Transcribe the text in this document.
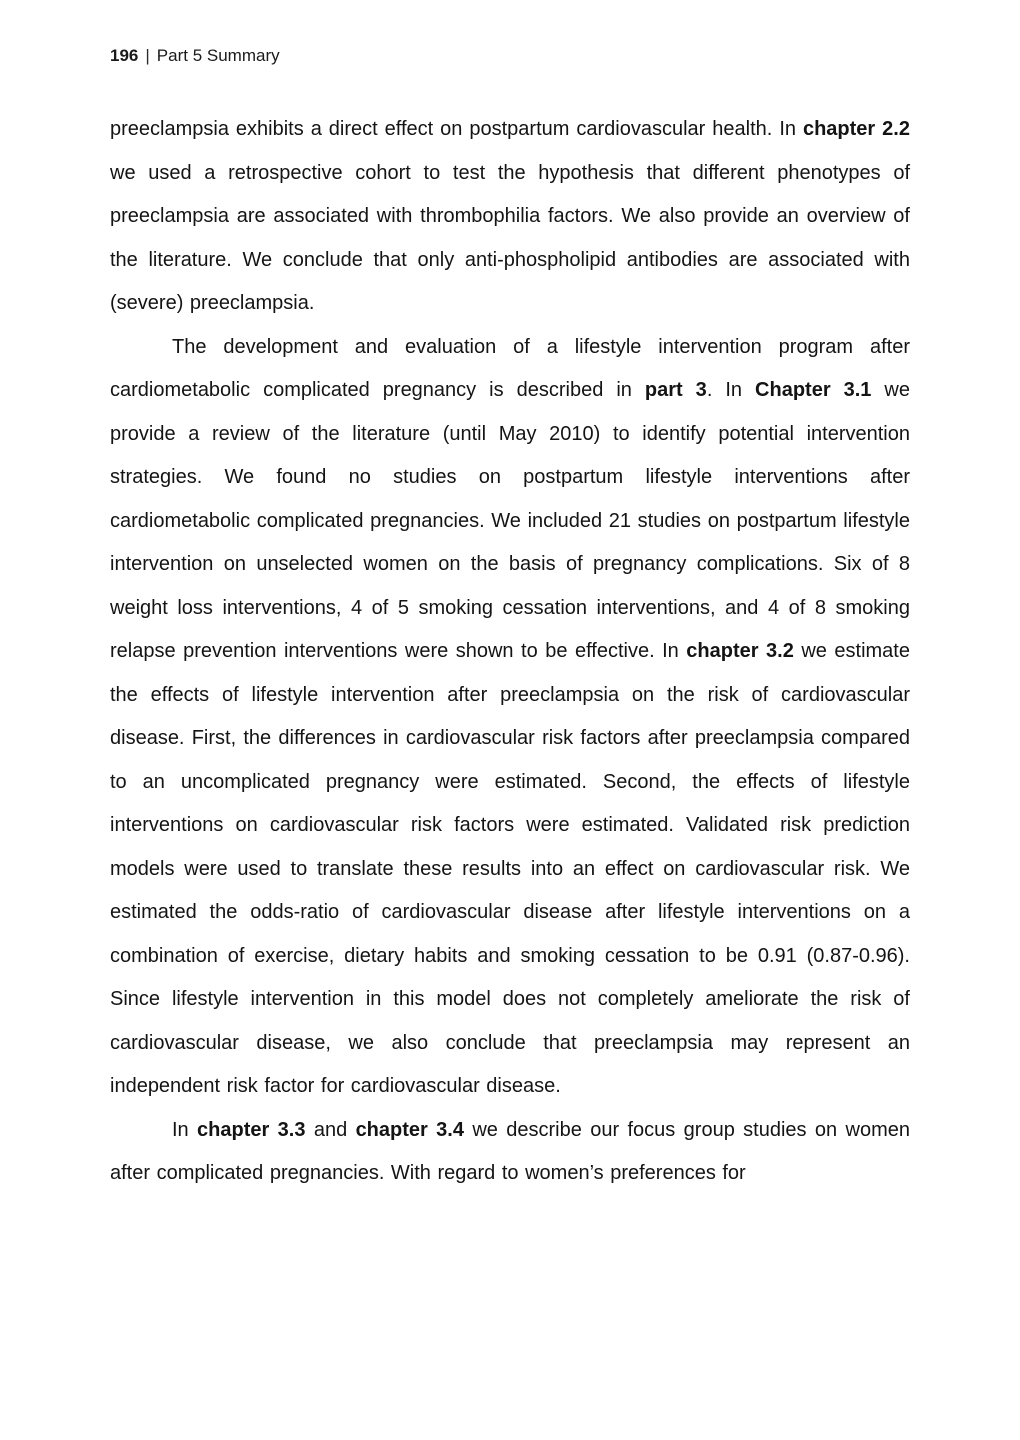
196 | Part 5 Summary

preeclampsia exhibits a direct effect on postpartum cardiovascular health. In chapter 2.2 we used a retrospective cohort to test the hypothesis that different phenotypes of preeclampsia are associated with thrombophilia factors. We also provide an overview of the literature. We conclude that only anti-phospholipid antibodies are associated with (severe) preeclampsia.

The development and evaluation of a lifestyle intervention program after cardiometabolic complicated pregnancy is described in part 3. In Chapter 3.1 we provide a review of the literature (until May 2010) to identify potential intervention strategies. We found no studies on postpartum lifestyle interventions after cardiometabolic complicated pregnancies. We included 21 studies on postpartum lifestyle intervention on unselected women on the basis of pregnancy complications. Six of 8 weight loss interventions, 4 of 5 smoking cessation interventions, and 4 of 8 smoking relapse prevention interventions were shown to be effective. In chapter 3.2 we estimate the effects of lifestyle intervention after preeclampsia on the risk of cardiovascular disease. First, the differences in cardiovascular risk factors after preeclampsia compared to an uncomplicated pregnancy were estimated. Second, the effects of lifestyle interventions on cardiovascular risk factors were estimated. Validated risk prediction models were used to translate these results into an effect on cardiovascular risk. We estimated the odds-ratio of cardiovascular disease after lifestyle interventions on a combination of exercise, dietary habits and smoking cessation to be 0.91 (0.87-0.96). Since lifestyle intervention in this model does not completely ameliorate the risk of cardiovascular disease, we also conclude that preeclampsia may represent an independent risk factor for cardiovascular disease.

In chapter 3.3 and chapter 3.4 we describe our focus group studies on women after complicated pregnancies. With regard to women’s preferences for
